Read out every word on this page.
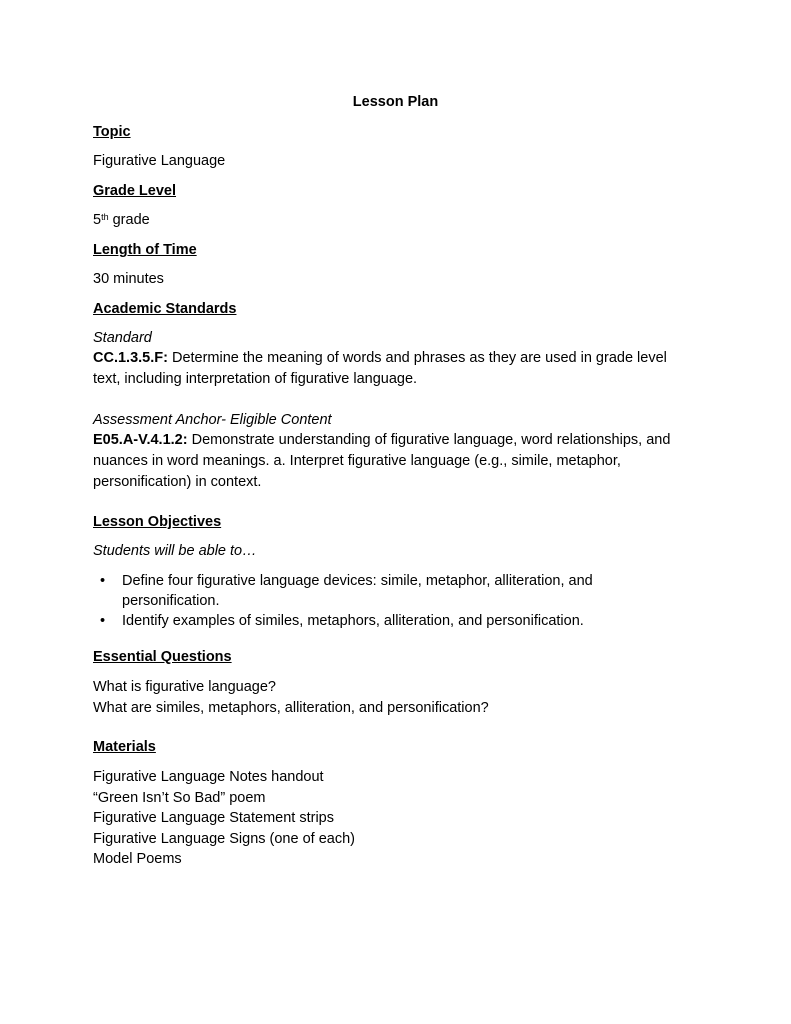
Lesson Plan
Topic
Figurative Language
Grade Level
5th grade
Length of Time
30 minutes
Academic Standards
Standard
CC.1.3.5.F: Determine the meaning of words and phrases as they are used in grade level text, including interpretation of figurative language.
Assessment Anchor- Eligible Content
E05.A-V.4.1.2: Demonstrate understanding of figurative language, word relationships, and nuances in word meanings. a. Interpret figurative language (e.g., simile, metaphor, personification) in context.
Lesson Objectives
Students will be able to…
• Define four figurative language devices: simile, metaphor, alliteration, and personification.
• Identify examples of similes, metaphors, alliteration, and personification.
Essential Questions
What is figurative language?
What are similes, metaphors, alliteration, and personification?
Materials
Figurative Language Notes handout
“Green Isn’t So Bad” poem
Figurative Language Statement strips
Figurative Language Signs (one of each)
Model Poems
